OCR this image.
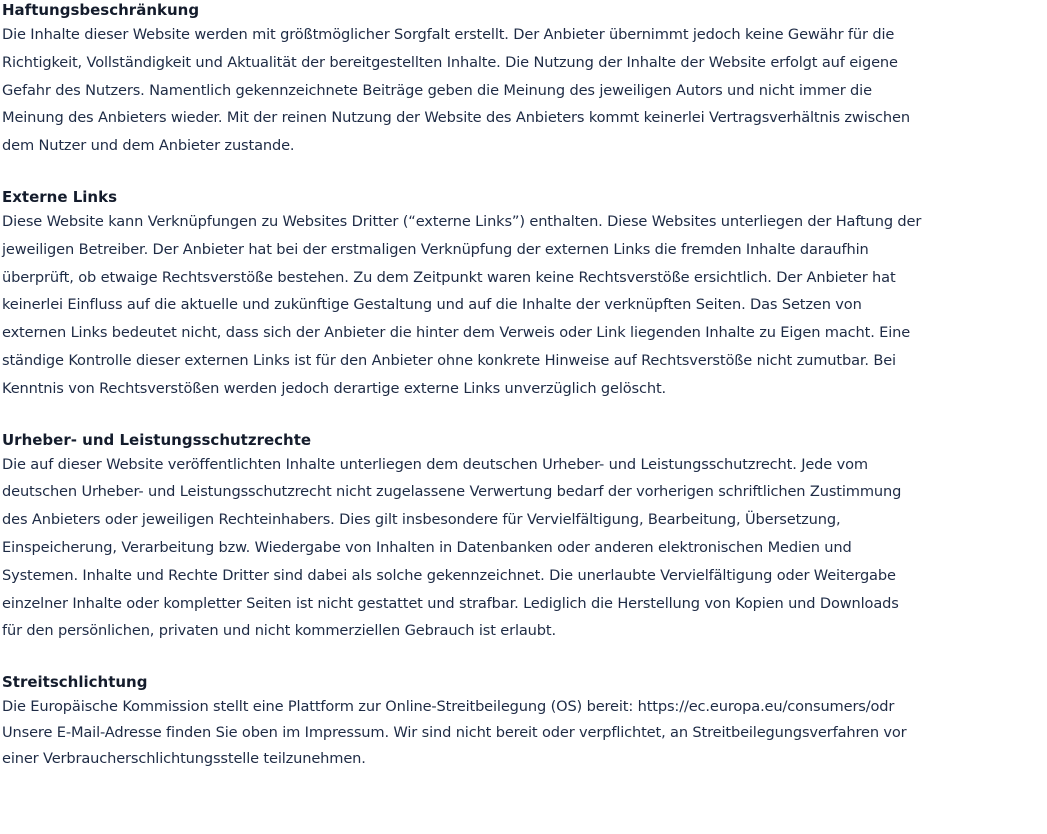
Haftungsbeschränkung
Die Inhalte dieser Website werden mit größtmöglicher Sorgfalt erstellt. Der Anbieter übernimmt jedoch keine Gewähr für die
Richtigkeit, Vollständigkeit und Aktualität der bereitgestellten Inhalte. Die Nutzung der Inhalte der Website erfolgt auf eigene
Gefahr des Nutzers. Namentlich gekennzeichnete Beiträge geben die Meinung des jeweiligen Autors und nicht immer die
Meinung des Anbieters wieder. Mit der reinen Nutzung der Website des Anbieters kommt keinerlei Vertragsverhältnis zwischen
dem Nutzer und dem Anbieter zustande.
Externe Links
Diese Website kann Verknüpfungen zu Websites Dritter (“externe Links”) enthalten. Diese Websites unterliegen der Haftung der
jeweiligen Betreiber. Der Anbieter hat bei der erstmaligen Verknüpfung der externen Links die fremden Inhalte daraufhin
überprüft, ob etwaige Rechtsverstöße bestehen. Zu dem Zeitpunkt waren keine Rechtsverstöße ersichtlich. Der Anbieter hat
keinerlei Einfluss auf die aktuelle und zukünftige Gestaltung und auf die Inhalte der verknüpften Seiten. Das Setzen von
externen Links bedeutet nicht, dass sich der Anbieter die hinter dem Verweis oder Link liegenden Inhalte zu Eigen macht. Eine
ständige Kontrolle dieser externen Links ist für den Anbieter ohne konkrete Hinweise auf Rechtsverstöße nicht zumutbar. Bei
Kenntnis von Rechtsverstößen werden jedoch derartige externe Links unverzüglich gelöscht.
Urheber- und Leistungsschutzrechte
Die auf dieser Website veröffentlichten Inhalte unterliegen dem deutschen Urheber- und Leistungsschutzrecht. Jede vom
deutschen Urheber- und Leistungsschutzrecht nicht zugelassene Verwertung bedarf der vorherigen schriftlichen Zustimmung
des Anbieters oder jeweiligen Rechteinhabers. Dies gilt insbesondere für Vervielfältigung, Bearbeitung, Übersetzung,
Einspeicherung, Verarbeitung bzw. Wiedergabe von Inhalten in Datenbanken oder anderen elektronischen Medien und
Systemen. Inhalte und Rechte Dritter sind dabei als solche gekennzeichnet. Die unerlaubte Vervielfältigung oder Weitergabe
einzelner Inhalte oder kompletter Seiten ist nicht gestattet und strafbar. Lediglich die Herstellung von Kopien und Downloads
für den persönlichen, privaten und nicht kommerziellen Gebrauch ist erlaubt.
Streitschlichtung
Die Europäische Kommission stellt eine Plattform zur Online-Streitbeilegung (OS) bereit: https://ec.europa.eu/consumers/odr
Unsere E-Mail-Adresse finden Sie oben im Impressum. Wir sind nicht bereit oder verpflichtet, an Streitbeilegungsverfahren vor
einer Verbraucherschlichtungsstelle teilzunehmen.
